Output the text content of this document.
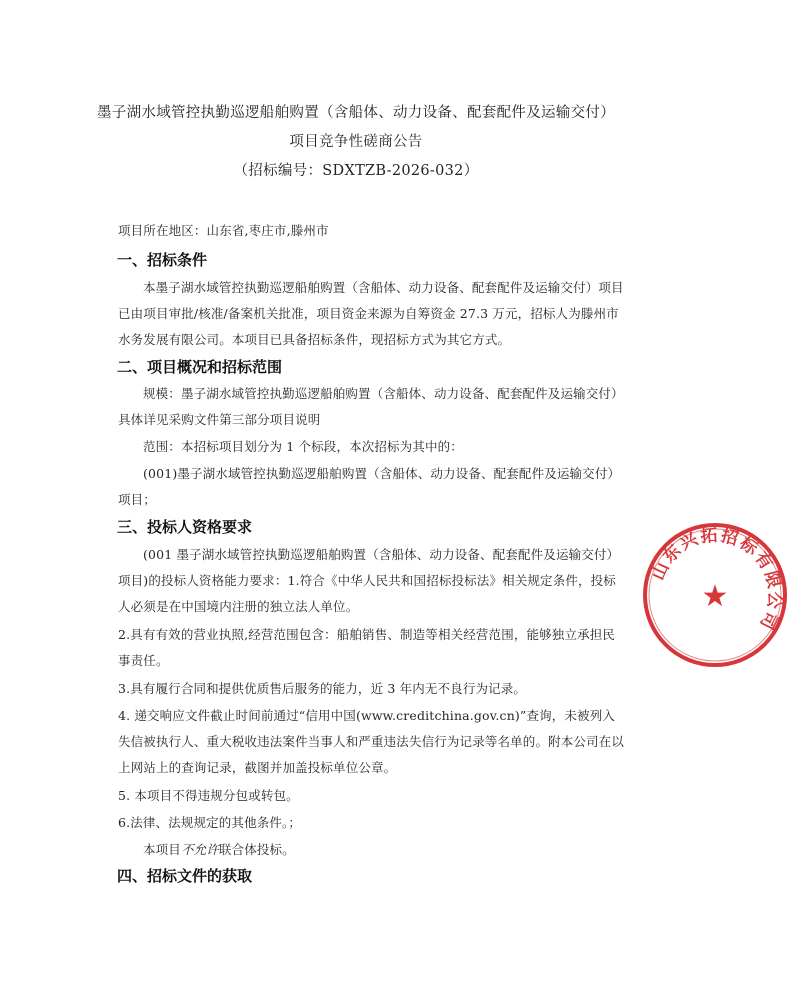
墨子湖水域管控执勤巡逻船舶购置（含船体、动力设备、配套配件及运输交付）
项目竞争性磋商公告
（招标编号：SDXTZB-2026-032）
项目所在地区：山东省,枣庄市,滕州市
一、招标条件
本墨子湖水域管控执勤巡逻船舶购置（含船体、动力设备、配套配件及运输交付）项目
已由项目审批/核准/备案机关批准，项目资金来源为自筹资金 27.3 万元，招标人为滕州市
水务发展有限公司。本项目已具备招标条件，现招标方式为其它方式。
二、项目概况和招标范围
规模：墨子湖水域管控执勤巡逻船舶购置（含船体、动力设备、配套配件及运输交付）
具体详见采购文件第三部分项目说明
范围：本招标项目划分为 1 个标段，本次招标为其中的：
(001)墨子湖水域管控执勤巡逻船舶购置（含船体、动力设备、配套配件及运输交付）
项目；
三、投标人资格要求
(001 墨子湖水域管控执勤巡逻船舶购置（含船体、动力设备、配套配件及运输交付）
项目)的投标人资格能力要求：1.符合《中华人民共和国招标投标法》相关规定条件，投标
人必须是在中国境内注册的独立法人单位。
2.具有有效的营业执照,经营范围包含：船舶销售、制造等相关经营范围，能够独立承担民
事责任。
3.具有履行合同和提供优质售后服务的能力，近 3 年内无不良行为记录。
4. 递交响应文件截止时间前通过“信用中国(www.creditchina.gov.cn)”查询，未被列入
失信被执行人、重大税收违法案件当事人和严重违法失信行为记录等名单的。附本公司在以
上网站上的查询记录，截图并加盖投标单位公章。
5. 本项目不得违规分包或转包。
6.法律、法规规定的其他条件。；
本项目不允许联合体投标。
四、招标文件的获取
山东兴拓招标有限公司
★
